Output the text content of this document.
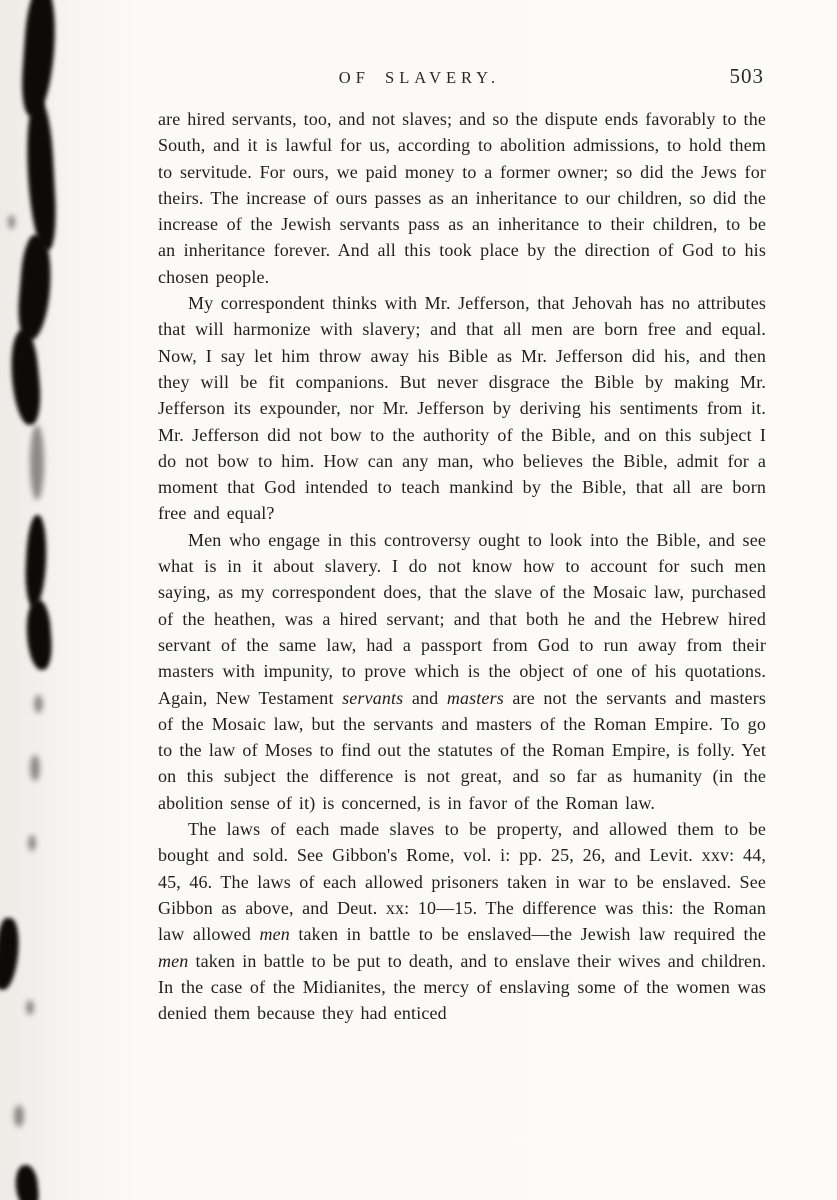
OF SLAVERY.	503

are hired servants, too, and not slaves; and so the dispute ends favorably to the South, and it is lawful for us, according to abolition admissions, to hold them to servitude. For ours, we paid money to a former owner; so did the Jews for theirs. The increase of ours passes as an inheritance to our children, so did the increase of the Jewish servants pass as an inheritance to their children, to be an inheritance forever. And all this took place by the direction of God to his chosen people.

My correspondent thinks with Mr. Jefferson, that Jehovah has no attributes that will harmonize with slavery; and that all men are born free and equal. Now, I say let him throw away his Bible as Mr. Jefferson did his, and then they will be fit companions. But never disgrace the Bible by making Mr. Jefferson its expounder, nor Mr. Jefferson by deriving his sentiments from it. Mr. Jefferson did not bow to the authority of the Bible, and on this subject I do not bow to him. How can any man, who believes the Bible, admit for a moment that God intended to teach mankind by the Bible, that all are born free and equal?

Men who engage in this controversy ought to look into the Bible, and see what is in it about slavery. I do not know how to account for such men saying, as my correspondent does, that the slave of the Mosaic law, purchased of the heathen, was a hired servant; and that both he and the Hebrew hired servant of the same law, had a passport from God to run away from their masters with impunity, to prove which is the object of one of his quotations. Again, New Testament servants and masters are not the servants and masters of the Mosaic law, but the servants and masters of the Roman Empire. To go to the law of Moses to find out the statutes of the Roman Empire, is folly. Yet on this subject the difference is not great, and so far as humanity (in the abolition sense of it) is concerned, is in favor of the Roman law.

The laws of each made slaves to be property, and allowed them to be bought and sold. See Gibbon's Rome, vol. i: pp. 25, 26, and Levit. xxv: 44, 45, 46. The laws of each allowed prisoners taken in war to be enslaved. See Gibbon as above, and Deut. xx: 10—15. The difference was this: the Roman law allowed men taken in battle to be enslaved—the Jewish law required the men taken in battle to be put to death, and to enslave their wives and children. In the case of the Midianites, the mercy of enslaving some of the women was denied them because they had enticed
